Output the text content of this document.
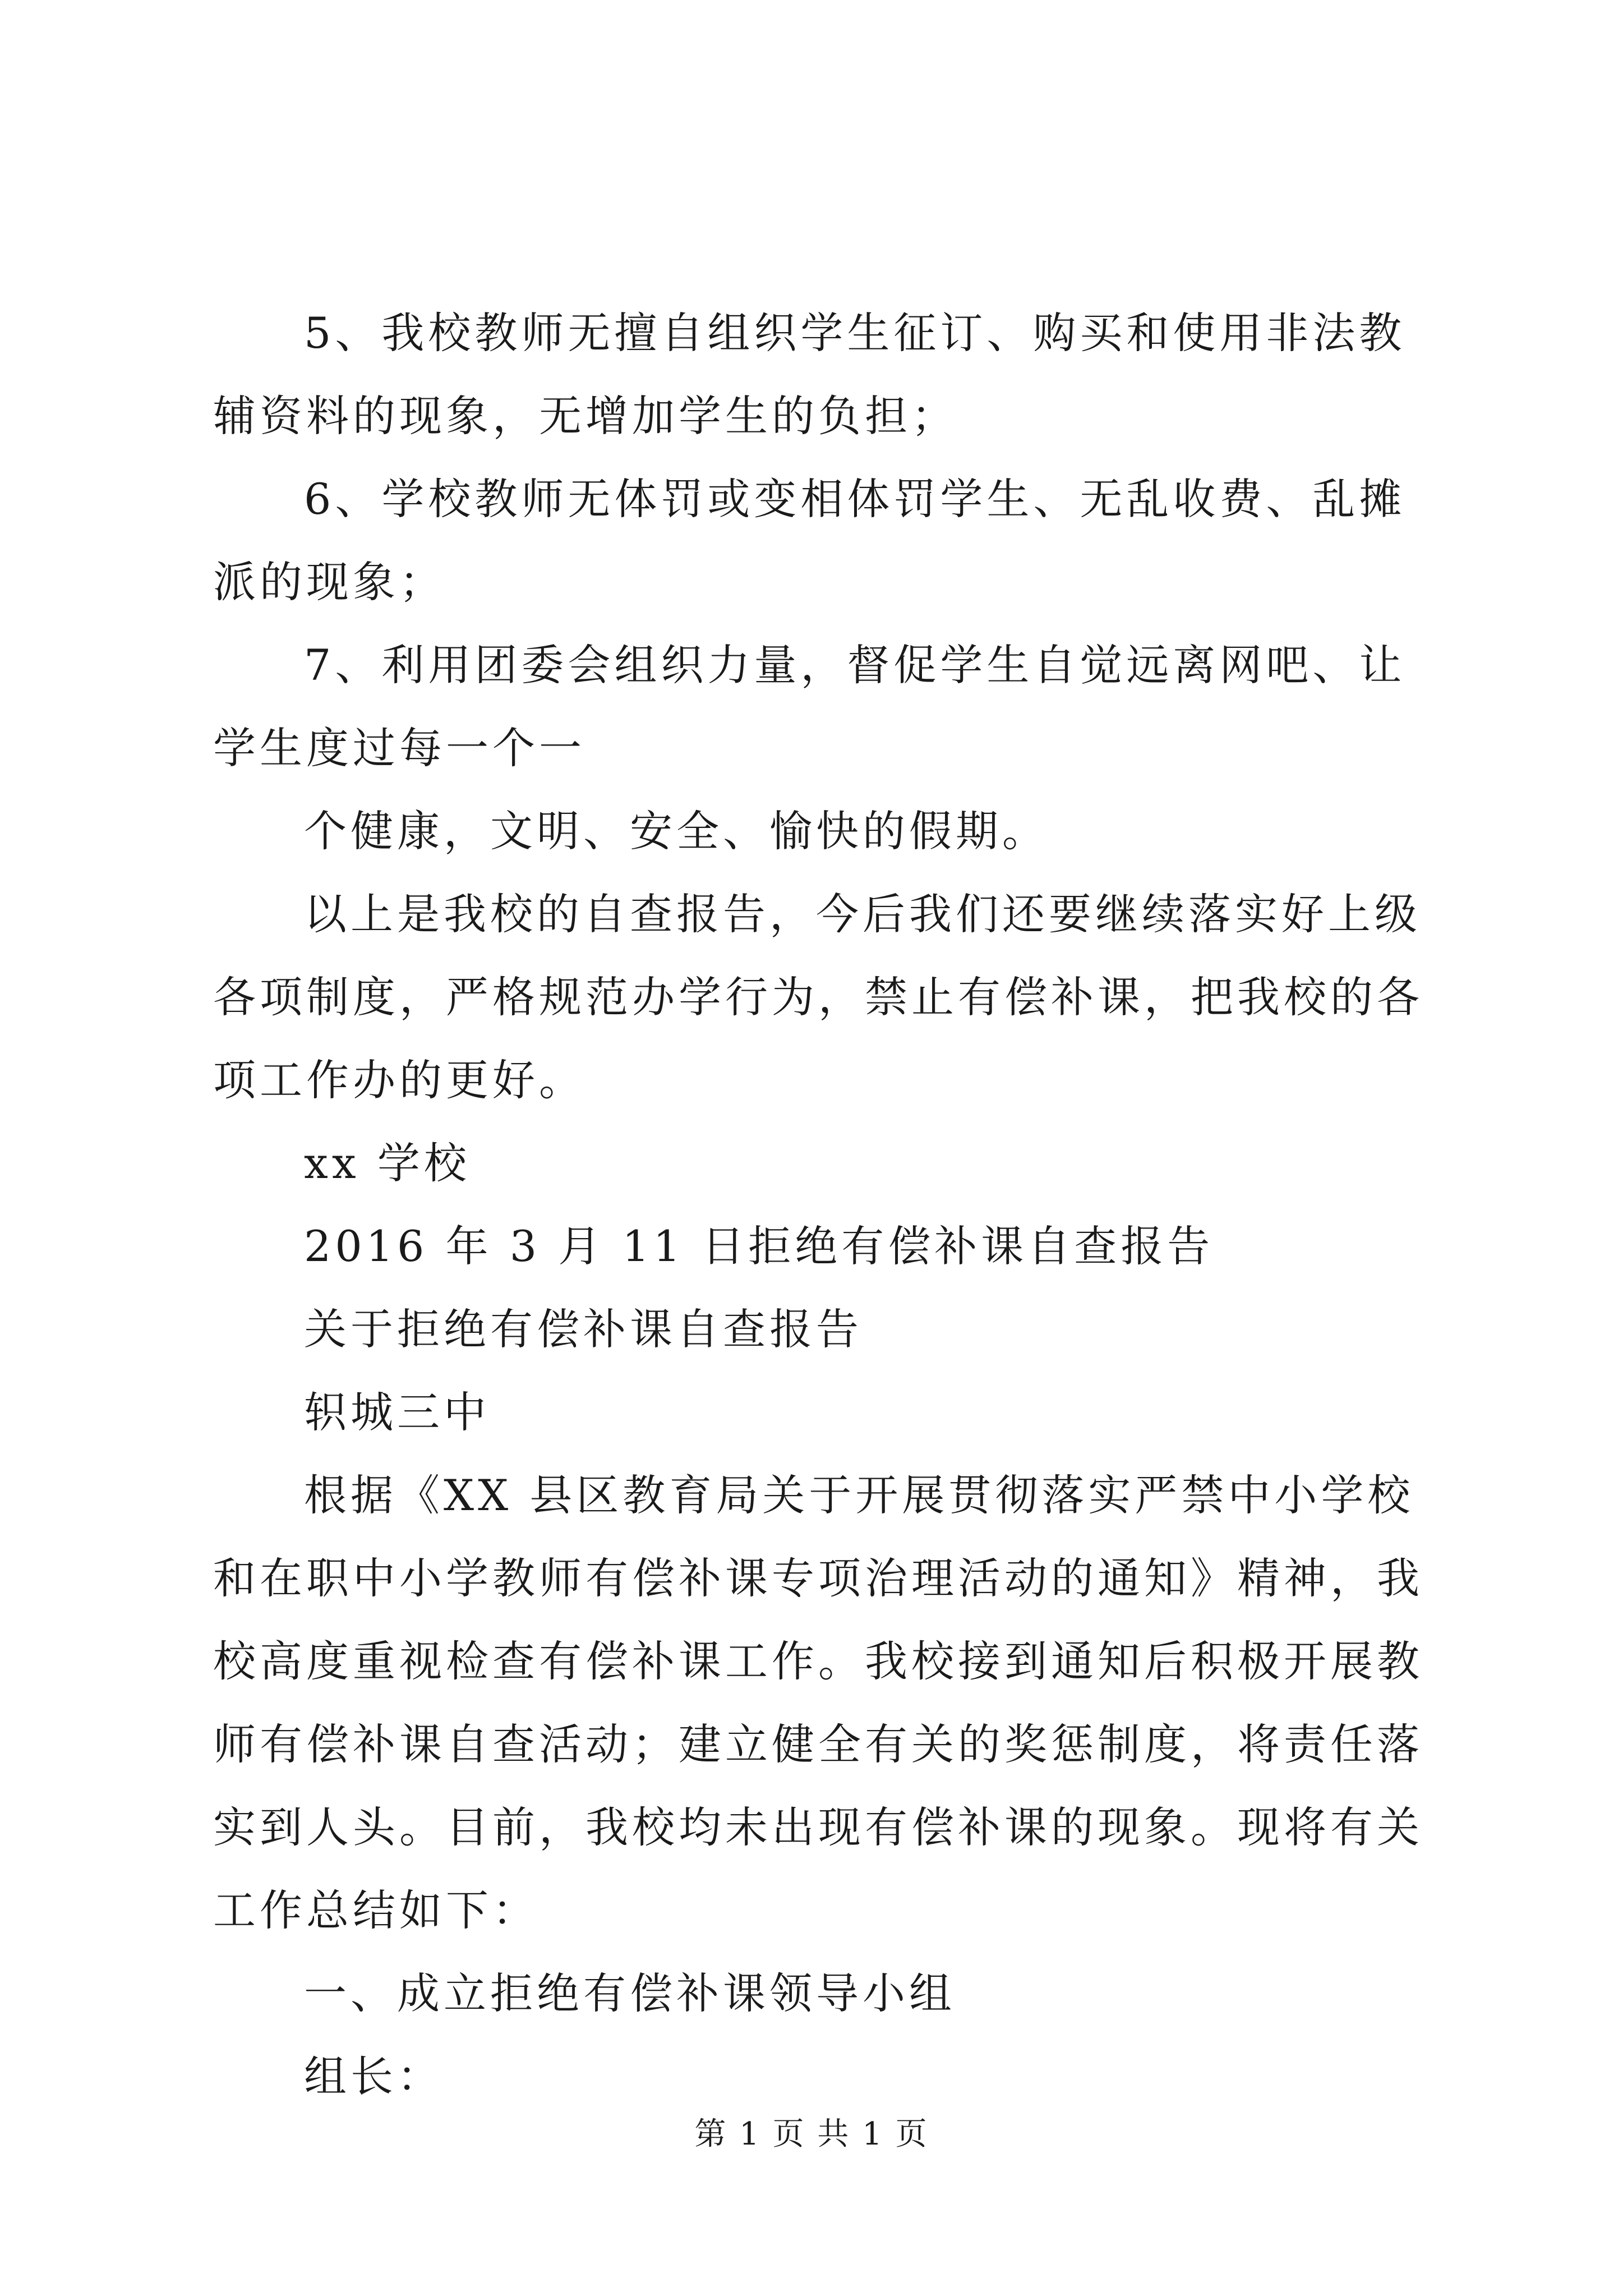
5、我校教师无擅自组织学生征订、购买和使用非法教辅资料的现象，无增加学生的负担；

6、学校教师无体罚或变相体罚学生、无乱收费、乱摊派的现象；

7、利用团委会组织力量，督促学生自觉远离网吧、让学生度过每一个一

个健康，文明、安全、愉快的假期。

以上是我校的自查报告，今后我们还要继续落实好上级各项制度，严格规范办学行为，禁止有偿补课，把我校的各项工作办的更好。

xx 学校

2016 年 3 月 11 日拒绝有偿补课自查报告

关于拒绝有偿补课自查报告

轵城三中

根据《XX 县区教育局关于开展贯彻落实严禁中小学校和在职中小学教师有偿补课专项治理活动的通知》精神，我校高度重视检查有偿补课工作。我校接到通知后积极开展教师有偿补课自查活动；建立健全有关的奖惩制度，将责任落实到人头。目前，我校均未出现有偿补课的现象。现将有关工作总结如下：

一、成立拒绝有偿补课领导小组

组长：

第 1 页 共 1 页
